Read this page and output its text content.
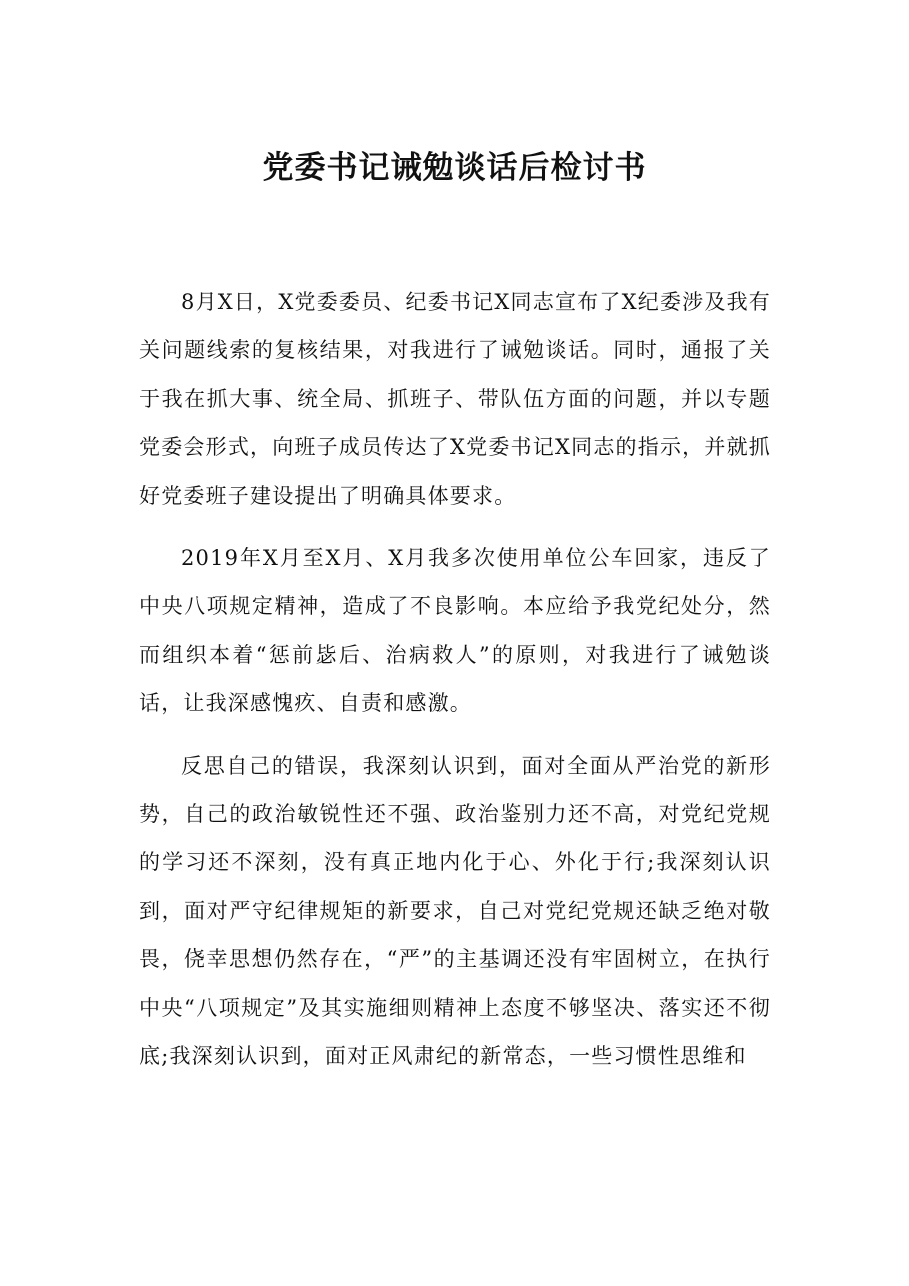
党委书记诫勉谈话后检讨书

8月X日，X党委委员、纪委书记X同志宣布了X纪委涉及我有关问题线索的复核结果，对我进行了诫勉谈话。同时，通报了关于我在抓大事、统全局、抓班子、带队伍方面的问题，并以专题党委会形式，向班子成员传达了X党委书记X同志的指示，并就抓好党委班子建设提出了明确具体要求。

2019年X月至X月、X月我多次使用单位公车回家，违反了中央八项规定精神，造成了不良影响。本应给予我党纪处分，然而组织本着“惩前毖后、治病救人”的原则，对我进行了诫勉谈话，让我深感愧疚、自责和感激。

反思自己的错误，我深刻认识到，面对全面从严治党的新形势，自己的政治敏锐性还不强、政治鉴别力还不高，对党纪党规的学习还不深刻，没有真正地内化于心、外化于行;我深刻认识到，面对严守纪律规矩的新要求，自己对党纪党规还缺乏绝对敬畏，侥幸思想仍然存在，“严”的主基调还没有牢固树立，在执行中央“八项规定”及其实施细则精神上态度不够坚决、落实还不彻底;我深刻认识到，面对正风肃纪的新常态，一些习惯性思维和
